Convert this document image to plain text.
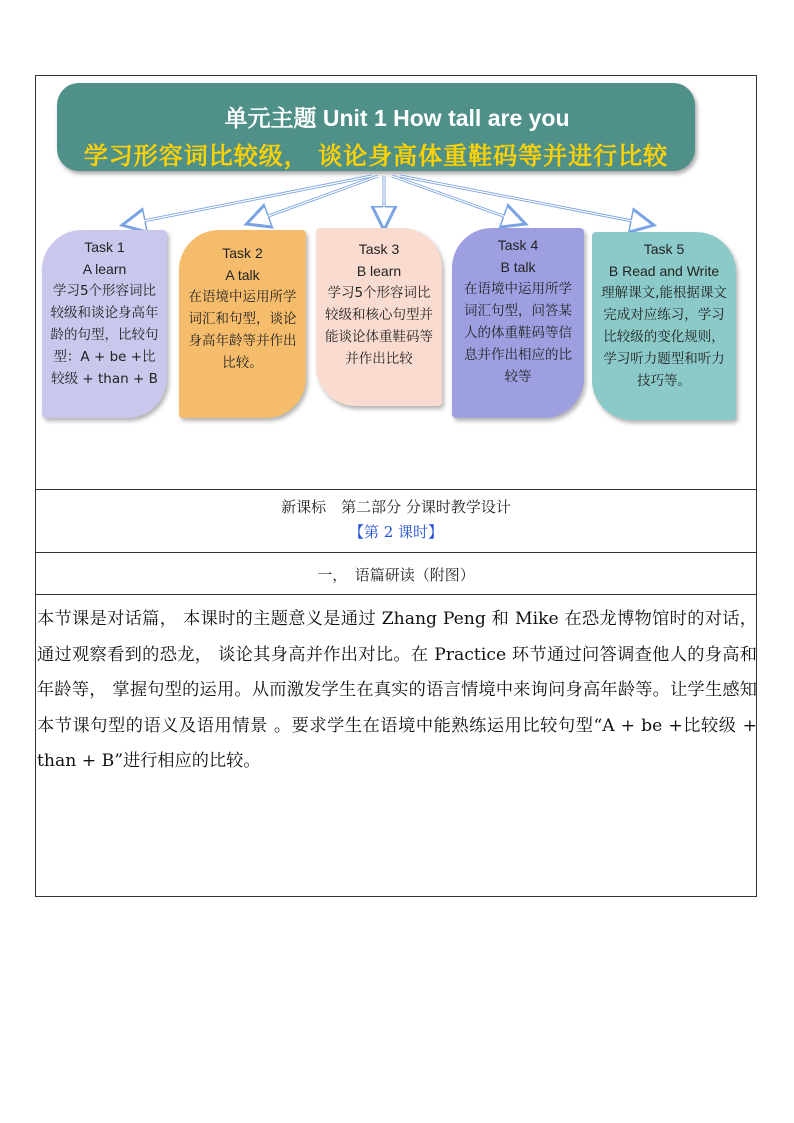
单元主题 Unit 1 How tall are you
学习形容词比较级， 谈论身高体重鞋码等并进行比较
Task 1
A learn
学习5个形容词比较级和谈论身高年龄的句型，比较句型：A + be +比较级 + than + B
Task 2
A talk
在语境中运用所学词汇和句型，谈论身高年龄等并作出比较。
Task 3
B learn
学习5个形容词比较级和核心句型并能谈论体重鞋码等并作出比较
Task 4
B talk
在语境中运用所学词汇句型，问答某人的体重鞋码等信息并作出相应的比较等
Task 5
B Read and Write
理解课文,能根据课文完成对应练习，学习比较级的变化规则，学习听力题型和听力技巧等。
新课标　第二部分 分课时教学设计
【第 2 课时】
一，　语篇研读（附图）

本节课是对话篇， 本课时的主题意义是通过 Zhang Peng 和 Mike 在恐龙博物馆时的对话，通过观察看到的恐龙， 谈论其身高并作出对比。在 Practice 环节通过问答调查他人的身高和年龄等， 掌握句型的运用。从而激发学生在真实的语言情境中来询问身高年龄等。让学生感知本节课句型的语义及语用情景 。要求学生在语境中能熟练运用比较句型“A + be +比较级 + than + B”进行相应的比较。
